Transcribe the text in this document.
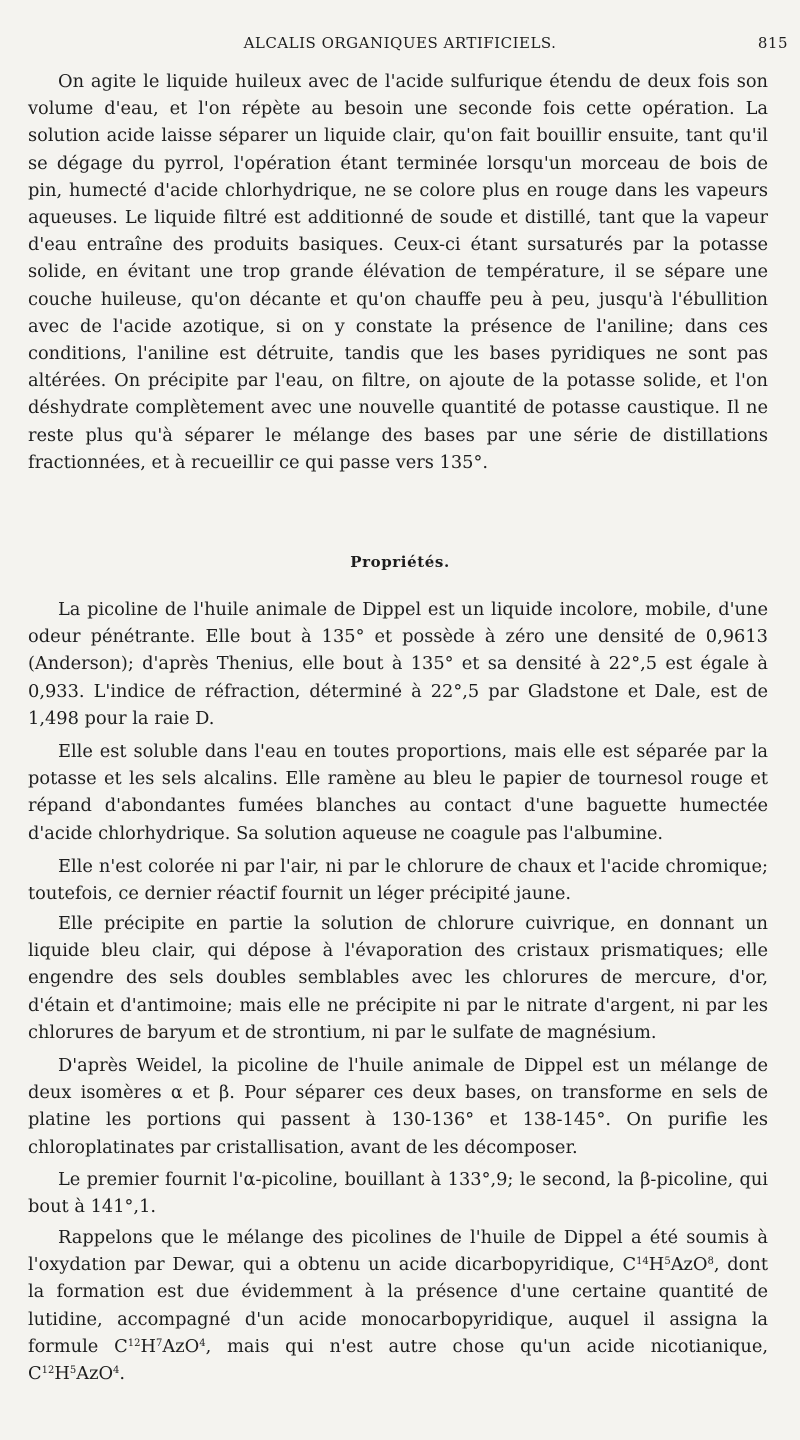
ALCALIS ORGANIQUES ARTIFICIELS.	815

On agite le liquide huileux avec de l'acide sulfurique étendu de deux fois son volume d'eau, et l'on répète au besoin une seconde fois cette opération. La solution acide laisse séparer un liquide clair, qu'on fait bouillir ensuite, tant qu'il se dégage du pyrrol, l'opération étant terminée lorsqu'un morceau de bois de pin, humecté d'acide chlorhydrique, ne se colore plus en rouge dans les vapeurs aqueuses. Le liquide filtré est additionné de soude et distillé, tant que la vapeur d'eau entraîne des produits basiques. Ceux-ci étant sursaturés par la potasse solide, en évitant une trop grande élévation de température, il se sépare une couche huileuse, qu'on décante et qu'on chauffe peu à peu, jusqu'à l'ébullition avec de l'acide azotique, si on y constate la présence de l'aniline; dans ces conditions, l'aniline est détruite, tandis que les bases pyridiques ne sont pas altérées. On précipite par l'eau, on filtre, on ajoute de la potasse solide, et l'on déshydrate complètement avec une nouvelle quantité de potasse caustique. Il ne reste plus qu'à séparer le mélange des bases par une série de distillations fractionnées, et à recueillir ce qui passe vers 135°.

Propriétés.

La picoline de l'huile animale de Dippel est un liquide incolore, mobile, d'une odeur pénétrante. Elle bout à 135° et possède à zéro une densité de 0,9613 (Anderson); d'après Thenius, elle bout à 135° et sa densité à 22°,5 est égale à 0,933. L'indice de réfraction, déterminé à 22°,5 par Gladstone et Dale, est de 1,498 pour la raie D.

Elle est soluble dans l'eau en toutes proportions, mais elle est séparée par la potasse et les sels alcalins. Elle ramène au bleu le papier de tournesol rouge et répand d'abondantes fumées blanches au contact d'une baguette humectée d'acide chlorhydrique. Sa solution aqueuse ne coagule pas l'albumine.

Elle n'est colorée ni par l'air, ni par le chlorure de chaux et l'acide chromique; toutefois, ce dernier réactif fournit un léger précipité jaune.

Elle précipite en partie la solution de chlorure cuivrique, en donnant un liquide bleu clair, qui dépose à l'évaporation des cristaux prismatiques; elle engendre des sels doubles semblables avec les chlorures de mercure, d'or, d'étain et d'antimoine; mais elle ne précipite ni par le nitrate d'argent, ni par les chlorures de baryum et de strontium, ni par le sulfate de magnésium.

D'après Weidel, la picoline de l'huile animale de Dippel est un mélange de deux isomères α et β. Pour séparer ces deux bases, on transforme en sels de platine les portions qui passent à 130-136° et 138-145°. On purifie les chloroplatinates par cristallisation, avant de les décomposer.

Le premier fournit l'α-picoline, bouillant à 133°,9; le second, la β-picoline, qui bout à 141°,1.

Rappelons que le mélange des picolines de l'huile de Dippel a été soumis à l'oxydation par Dewar, qui a obtenu un acide dicarbopyridique, $C^{14}H^5AzO^8$, dont la formation est due évidemment à la présence d'une certaine quantité de lutidine, accompagné d'un acide monocarbopyridique, auquel il assigna la formule $C^{12}H^7AzO^4$, mais qui n'est autre chose qu'un acide nicotianique, $C^{12}H^5AzO^4$.
